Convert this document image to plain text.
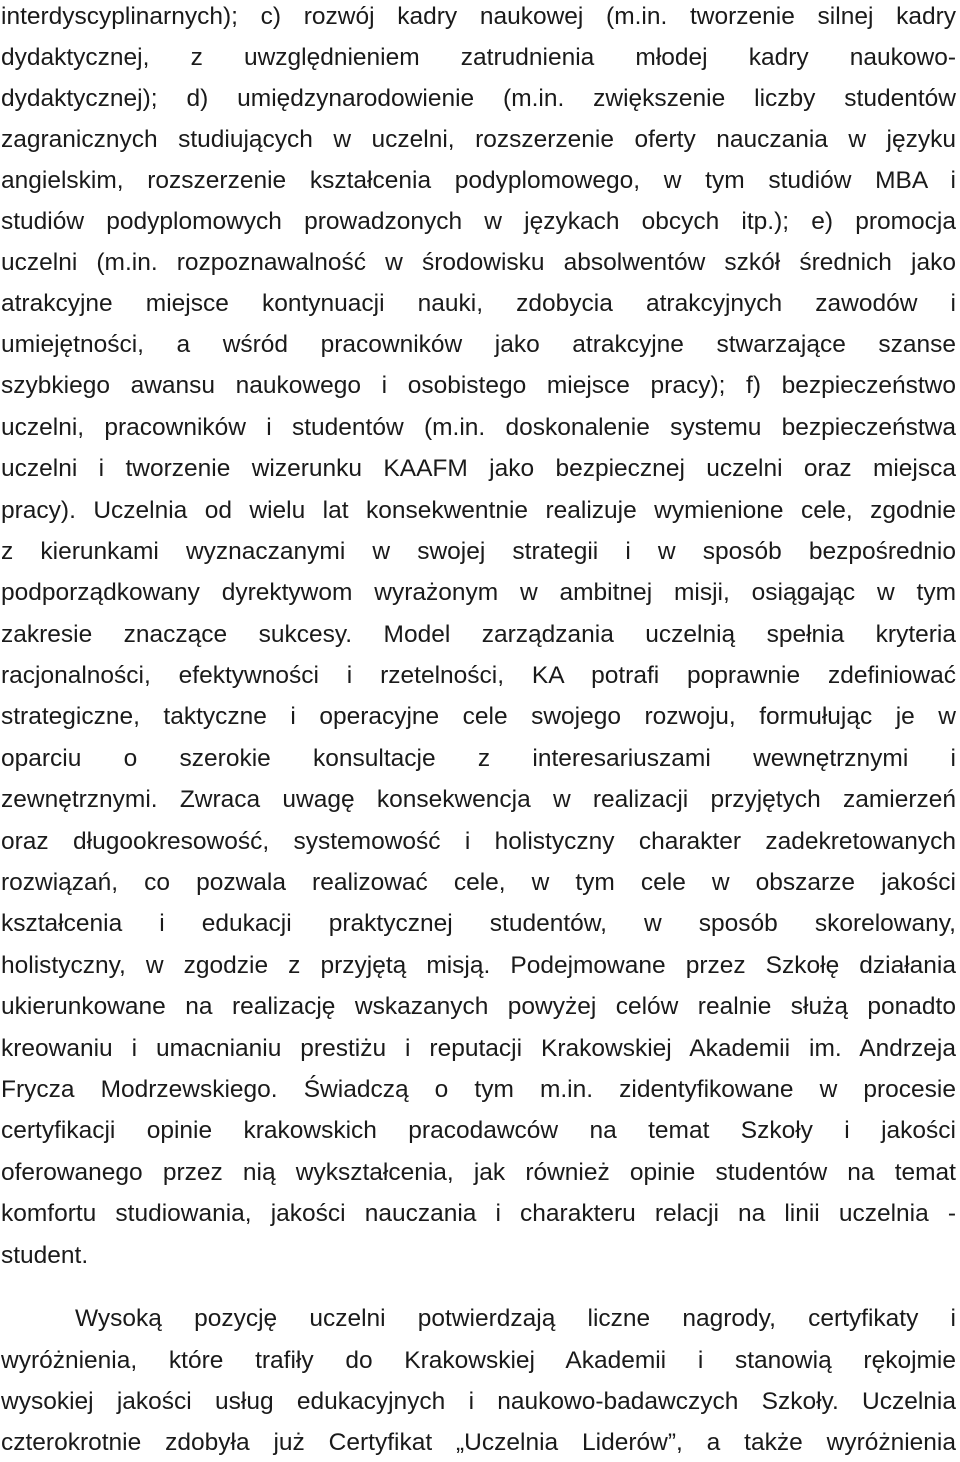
interdyscyplinarnych); c) rozwój kadry naukowej (m.in. tworzenie silnej kadry
dydaktycznej, z uwzględnieniem zatrudnienia młodej kadry naukowo-
dydaktycznej); d) umiędzynarodowienie (m.in. zwiększenie liczby studentów
zagranicznych studiujących w uczelni, rozszerzenie oferty nauczania w języku
angielskim, rozszerzenie kształcenia podyplomowego, w tym studiów MBA i
studiów podyplomowych prowadzonych w językach obcych itp.); e) promocja
uczelni (m.in. rozpoznawalność w środowisku absolwentów szkół średnich jako
atrakcyjne miejsce kontynuacji nauki, zdobycia atrakcyjnych zawodów i
umiejętności, a wśród pracowników jako atrakcyjne stwarzające szanse
szybkiego awansu naukowego i osobistego miejsce pracy); f) bezpieczeństwo
uczelni, pracowników i studentów (m.in. doskonalenie systemu bezpieczeństwa
uczelni i tworzenie wizerunku KAAFM jako bezpiecznej uczelni oraz miejsca
pracy). Uczelnia od wielu lat konsekwentnie realizuje wymienione cele, zgodnie
z kierunkami wyznaczanymi w swojej strategii i w sposób bezpośrednio
podporządkowany dyrektywom wyrażonym w ambitnej misji, osiągając w tym
zakresie znaczące sukcesy. Model zarządzania uczelnią spełnia kryteria
racjonalności, efektywności i rzetelności, KA potrafi poprawnie zdefiniować
strategiczne, taktyczne i operacyjne cele swojego rozwoju, formułując je w
oparciu o szerokie konsultacje z interesariuszami wewnętrznymi i
zewnętrznymi. Zwraca uwagę konsekwencja w realizacji przyjętych zamierzeń
oraz długookresowość, systemowość i holistyczny charakter zadekretowanych
rozwiązań, co pozwala realizować cele, w tym cele w obszarze jakości
kształcenia i edukacji praktycznej studentów, w sposób skorelowany,
holistyczny, w zgodzie z przyjętą misją. Podejmowane przez Szkołę działania
ukierunkowane na realizację wskazanych powyżej celów realnie służą ponadto
kreowaniu i umacnianiu prestiżu i reputacji Krakowskiej Akademii im. Andrzeja
Frycza Modrzewskiego. Świadczą o tym m.in. zidentyfikowane w procesie
certyfikacji opinie krakowskich pracodawców na temat Szkoły i jakości
oferowanego przez nią wykształcenia, jak również opinie studentów na temat
komfortu studiowania, jakości nauczania i charakteru relacji na linii uczelnia -
student.
Wysoką pozycję uczelni potwierdzają liczne nagrody, certyfikaty i
wyróżnienia, które trafiły do Krakowskiej Akademii i stanowią rękojmie
wysokiej jakości usług edukacyjnych i naukowo-badawczych Szkoły. Uczelnia
czterokrotnie zdobyła już Certyfikat „Uczelnia Liderów”, a także wyróżnienia
